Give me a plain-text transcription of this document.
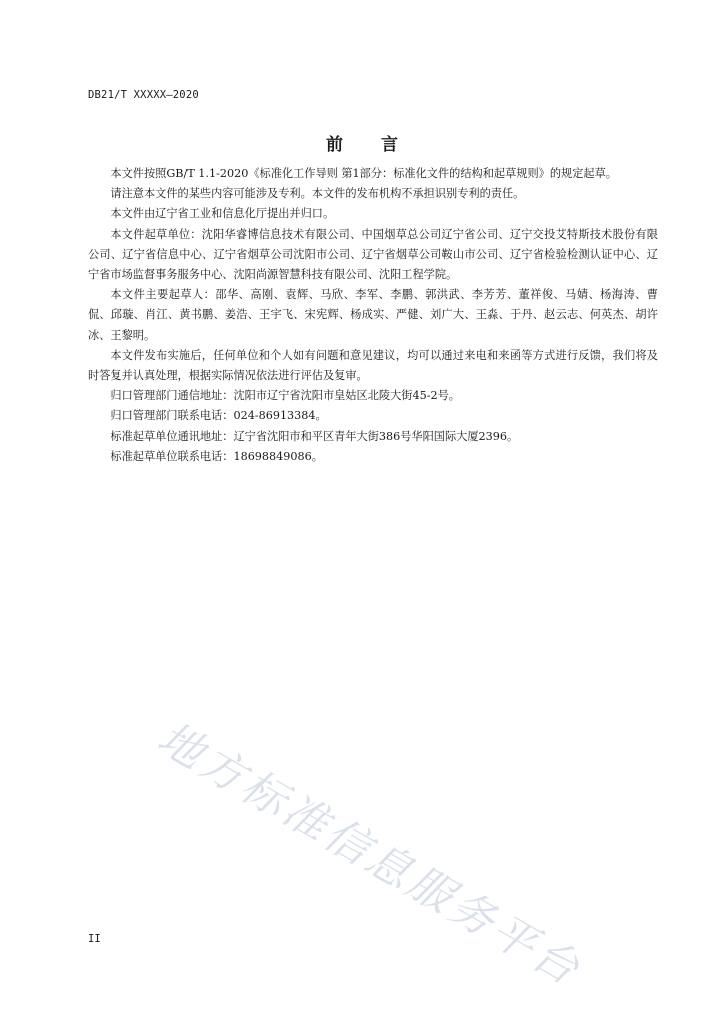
DB21/T XXXXX—2020
前 言

本文件按照GB/T 1.1-2020《标准化工作导则 第1部分：标准化文件的结构和起草规则》的规定起草。

请注意本文件的某些内容可能涉及专利。本文件的发布机构不承担识别专利的责任。

本文件由辽宁省工业和信息化厅提出并归口。

本文件起草单位：沈阳华睿博信息技术有限公司、中国烟草总公司辽宁省公司、辽宁交投艾特斯技术股份有限公司、辽宁省信息中心、辽宁省烟草公司沈阳市公司、辽宁省烟草公司鞍山市公司、辽宁省检验检测认证中心、辽宁省市场监督事务服务中心、沈阳尚源智慧科技有限公司、沈阳工程学院。

本文件主要起草人：邵华、高刚、袁辉、马欣、李军、李鹏、郭洪武、李芳芳、董祥俊、马婧、杨海涛、曹侃、邱璇、肖江、黄书鹏、姜浩、王宇飞、宋宪辉、杨成实、严健、刘广大、王淼、于丹、赵云志、何英杰、胡许冰、王黎明。

本文件发布实施后，任何单位和个人如有问题和意见建议，均可以通过来电和来函等方式进行反馈，我们将及时答复并认真处理，根据实际情况依法进行评估及复审。

归口管理部门通信地址：沈阳市辽宁省沈阳市皇姑区北陵大街45-2号。

归口管理部门联系电话：024-86913384。

标准起草单位通讯地址：辽宁省沈阳市和平区青年大街386号华阳国际大厦2396。

标准起草单位联系电话：18698849086。

地方标准信息服务平台
II
